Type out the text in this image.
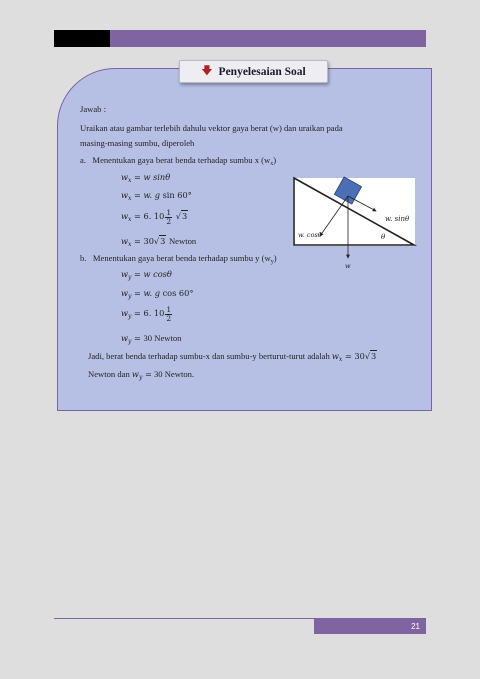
🡇 Penyelesaian Soal
Jawab :
Uraikan atau gambar terlebih dahulu vektor gaya berat (w) dan uraikan pada
masing-masing sumbu, diperoleh
a. Menentukan gaya berat benda terhadap sumbu x $(w_x)$
$w_x = w$ sinθ
$w_x = w$. g sin 60°
$w_x = 6$. $10 \frac{1}{2} √3$
$w_x = 30√3$ Newton
b. Menentukan gaya berat benda terhadap sumbu y $(w_y)$
$w_y = w$ cosθ
$w_y = w$. g cos 60°
$w_y = 6$. $10 \frac{1}{2}$
$w_y = 30$ Newton
Jadi, berat benda terhadap sumbu-x dan sumbu-y berturut-turut adalah $w_x = 30√3$
Newton dan $w_y = 30$ Newton.
w. sinθ
w. cosθ	θ
w
21
